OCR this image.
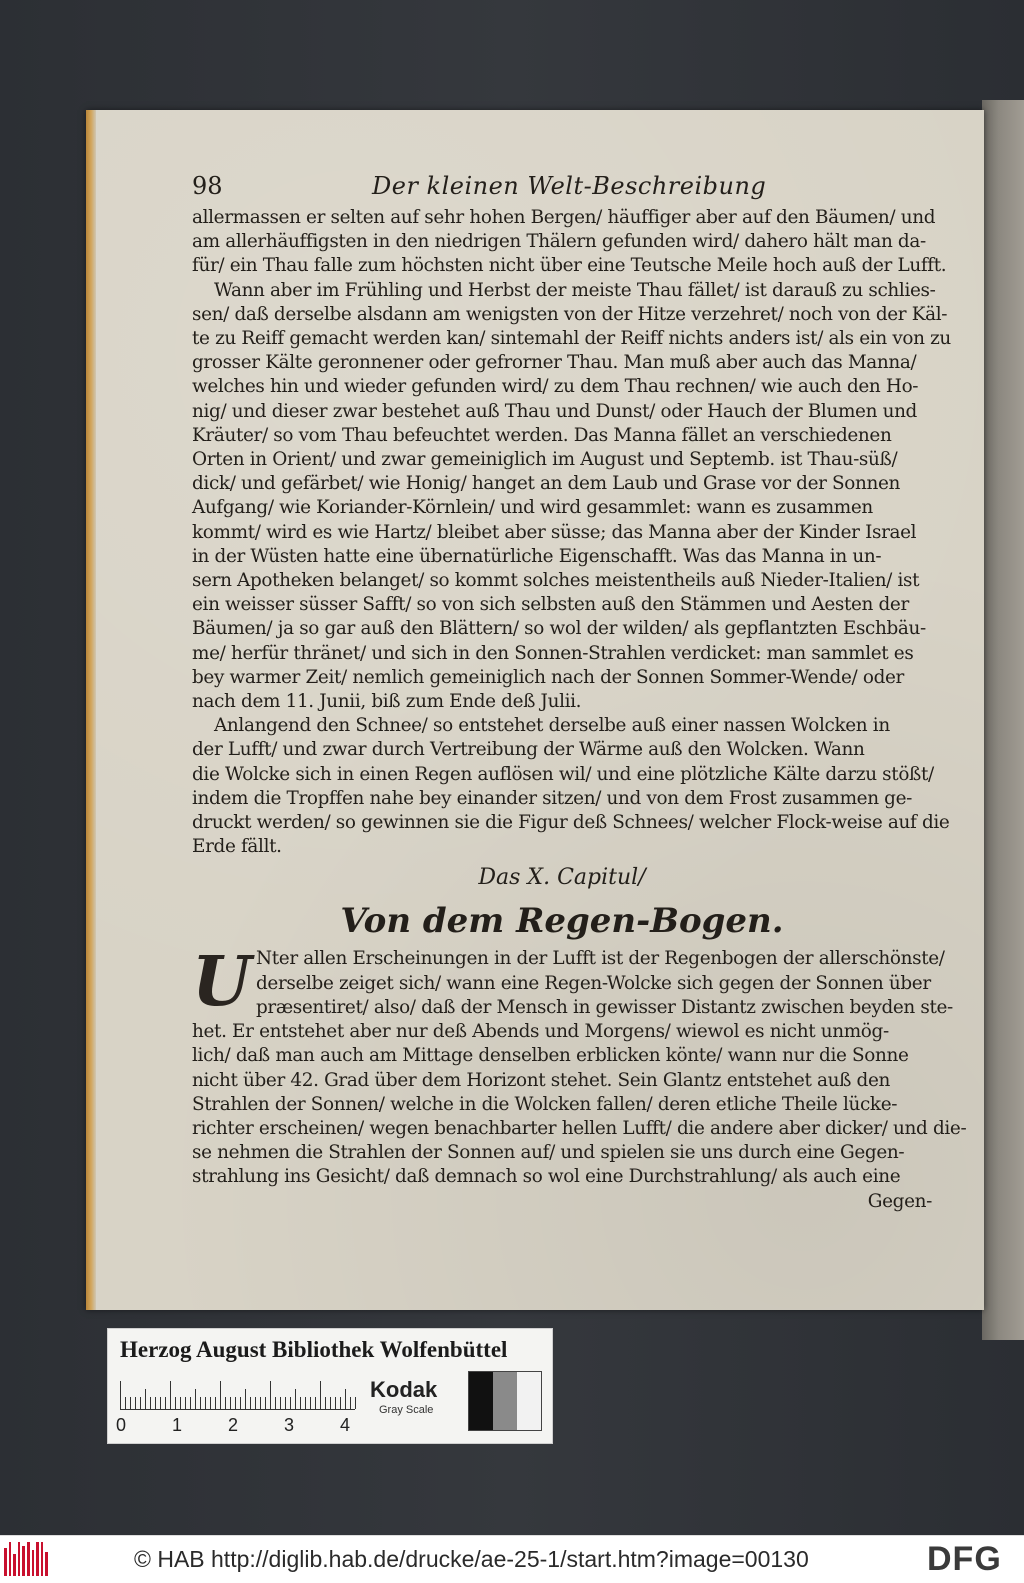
98	Der kleinen Welt-Beschreibung
allermassen er selten auf sehr hohen Bergen/ häuffiger aber auf den Bäumen/ und
am allerhäuffigsten in den niedrigen Thälern gefunden wird/ dahero hält man da-
für/ ein Thau falle zum höchsten nicht über eine Teutsche Meile hoch auß der Lufft.
Wann aber im Frühling und Herbst der meiste Thau fället/ ist darauß zu schlies-
sen/ daß derselbe alsdann am wenigsten von der Hitze verzehret/ noch von der Käl-
te zu Reiff gemacht werden kan/ sintemahl der Reiff nichts anders ist/ als ein von zu
grosser Kälte geronnener oder gefrorner Thau. Man muß aber auch das Manna/
welches hin und wieder gefunden wird/ zu dem Thau rechnen/ wie auch den Ho-
nig/ und dieser zwar bestehet auß Thau und Dunst/ oder Hauch der Blumen und
Kräuter/ so vom Thau befeuchtet werden. Das Manna fället an verschiedenen
Orten in Orient/ und zwar gemeiniglich im August und Septemb. ist Thau-süß/
dick/ und gefärbet/ wie Honig/ hanget an dem Laub und Grase vor der Sonnen
Aufgang/ wie Koriander-Körnlein/ und wird gesammlet: wann es zusammen
kommt/ wird es wie Hartz/ bleibet aber süsse; das Manna aber der Kinder Israel
in der Wüsten hatte eine übernatürliche Eigenschafft. Was das Manna in un-
sern Apotheken belanget/ so kommt solches meistentheils auß Nieder-Italien/ ist
ein weisser süsser Safft/ so von sich selbsten auß den Stämmen und Aesten der
Bäumen/ ja so gar auß den Blättern/ so wol der wilden/ als gepflantzten Eschbäu-
me/ herfür thränet/ und sich in den Sonnen-Strahlen verdicket: man sammlet es
bey warmer Zeit/ nemlich gemeiniglich nach der Sonnen Sommer-Wende/ oder
nach dem 11. Junii, biß zum Ende deß Julii.
Anlangend den Schnee/ so entstehet derselbe auß einer nassen Wolcken in
der Lufft/ und zwar durch Vertreibung der Wärme auß den Wolcken. Wann
die Wolcke sich in einen Regen auflösen wil/ und eine plötzliche Kälte darzu stößt/
indem die Tropffen nahe bey einander sitzen/ und von dem Frost zusammen ge-
druckt werden/ so gewinnen sie die Figur deß Schnees/ welcher Flock-weise auf die
Erde fällt.
Das X. Capitul/
Von dem Regen-Bogen.
U Nter allen Erscheinungen in der Lufft ist der Regenbogen der allerschönste/
derselbe zeiget sich/ wann eine Regen-Wolcke sich gegen der Sonnen über
præsentiret/ also/ daß der Mensch in gewisser Distantz zwischen beyden ste-
het. Er entstehet aber nur deß Abends und Morgens/ wiewol es nicht unmög-
lich/ daß man auch am Mittage denselben erblicken könte/ wann nur die Sonne
nicht über 42. Grad über dem Horizont stehet. Sein Glantz entstehet auß den
Strahlen der Sonnen/ welche in die Wolcken fallen/ deren etliche Theile lücke-
richter erscheinen/ wegen benachbarter hellen Lufft/ die andere aber dicker/ und die-
se nehmen die Strahlen der Sonnen auf/ und spielen sie uns durch eine Gegen-
strahlung ins Gesicht/ daß demnach so wol eine Durchstrahlung/ als auch eine
Gegen-
Herzog August Bibliothek Wolfenbüttel
0	1	2	3	4
Kodak
Gray Scale
© HAB http://diglib.hab.de/drucke/ae-25-1/start.htm?image=00130	DFG
